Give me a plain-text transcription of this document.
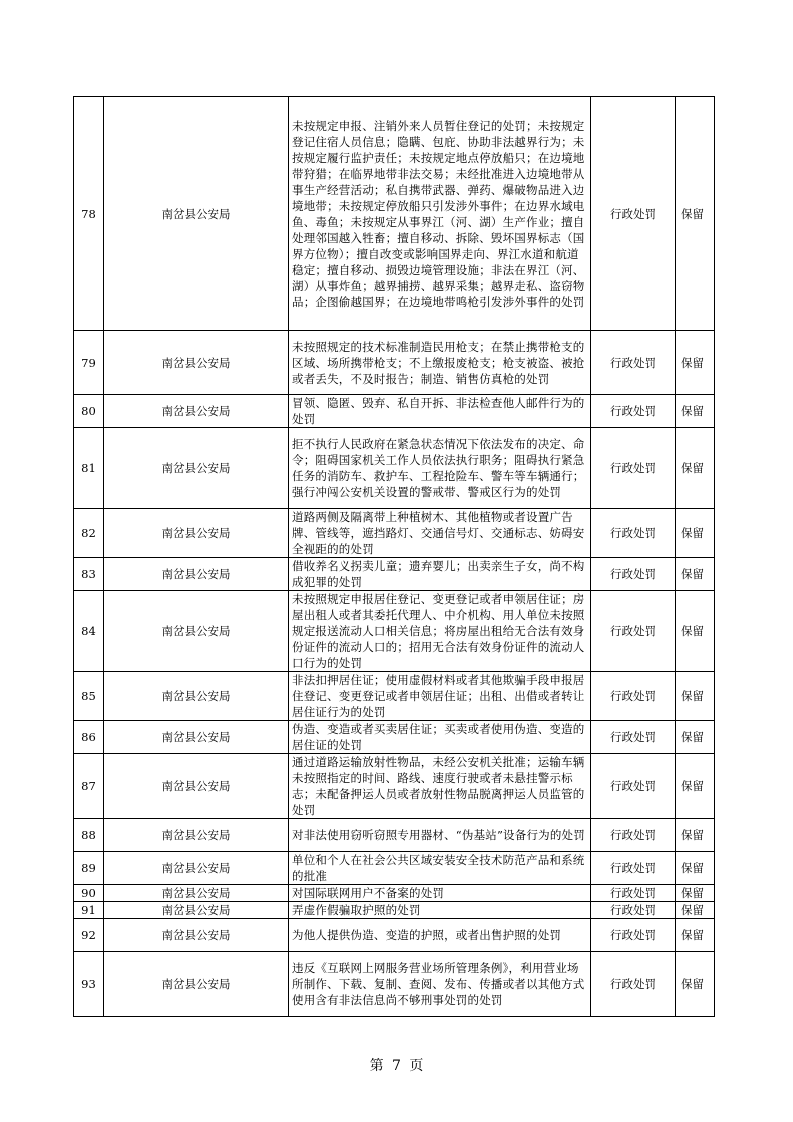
78	南岔县公安局	未按规定申报、注销外来人员暂住登记的处罚；未按规定登记住宿人员信息；隐瞒、包庇、协助非法越界行为；未按规定履行监护责任；未按规定地点停放船只；在边境地带狩猎；在临界地带非法交易；未经批准进入边境地带从事生产经营活动；私自携带武器、弹药、爆破物品进入边境地带；未按规定停放船只引发涉外事件；在边界水域电鱼、毒鱼；未按规定从事界江（河、湖）生产作业；擅自处理邻国越入牲畜；擅自移动、拆除、毁坏国界标志（国界方位物）；擅自改变或影响国界走向、界江水道和航道稳定；擅自移动、损毁边境管理设施；非法在界江（河、湖）从事炸鱼；越界捕捞、越界采集；越界走私、盗窃物品；企图偷越国界；在边境地带鸣枪引发涉外事件的处罚	行政处罚	保留
79	南岔县公安局	未按照规定的技术标准制造民用枪支；在禁止携带枪支的区域、场所携带枪支；不上缴报废枪支；枪支被盗、被抢或者丢失，不及时报告；制造、销售仿真枪的处罚	行政处罚	保留
80	南岔县公安局	冒领、隐匿、毁弃、私自开拆、非法检查他人邮件行为的处罚	行政处罚	保留
81	南岔县公安局	拒不执行人民政府在紧急状态情况下依法发布的决定、命令；阻碍国家机关工作人员依法执行职务；阻碍执行紧急任务的消防车、救护车、工程抢险车、警车等车辆通行；强行冲闯公安机关设置的警戒带、警戒区行为的处罚	行政处罚	保留
82	南岔县公安局	道路两侧及隔离带上种植树木、其他植物或者设置广告牌、管线等，遮挡路灯、交通信号灯、交通标志、妨碍安全视距的的处罚	行政处罚	保留
83	南岔县公安局	借收养名义拐卖儿童；遗弃婴儿；出卖亲生子女，尚不构成犯罪的处罚	行政处罚	保留
84	南岔县公安局	未按照规定申报居住登记、变更登记或者申领居住证；房屋出租人或者其委托代理人、中介机构、用人单位未按照规定报送流动人口相关信息；将房屋出租给无合法有效身份证件的流动人口的；招用无合法有效身份证件的流动人口行为的处罚	行政处罚	保留
85	南岔县公安局	非法扣押居住证；使用虚假材料或者其他欺骗手段申报居住登记、变更登记或者申领居住证；出租、出借或者转让居住证行为的处罚	行政处罚	保留
86	南岔县公安局	伪造、变造或者买卖居住证；买卖或者使用伪造、变造的居住证的处罚	行政处罚	保留
87	南岔县公安局	通过道路运输放射性物品，未经公安机关批准；运输车辆未按照指定的时间、路线、速度行驶或者未悬挂警示标志；未配备押运人员或者放射性物品脱离押运人员监管的处罚	行政处罚	保留
88	南岔县公安局	对非法使用窃听窃照专用器材、“伪基站”设备行为的处罚	行政处罚	保留
89	南岔县公安局	单位和个人在社会公共区域安装安全技术防范产品和系统的批准	行政处罚	保留
90	南岔县公安局	对国际联网用户不备案的处罚	行政处罚	保留
91	南岔县公安局	弄虚作假骗取护照的处罚	行政处罚	保留
92	南岔县公安局	为他人提供伪造、变造的护照，或者出售护照的处罚	行政处罚	保留
93	南岔县公安局	违反《互联网上网服务营业场所管理条例》，利用营业场所制作、下载、复制、查阅、发布、传播或者以其他方式使用含有非法信息尚不够刑事处罚的处罚	行政处罚	保留
第 7 页
